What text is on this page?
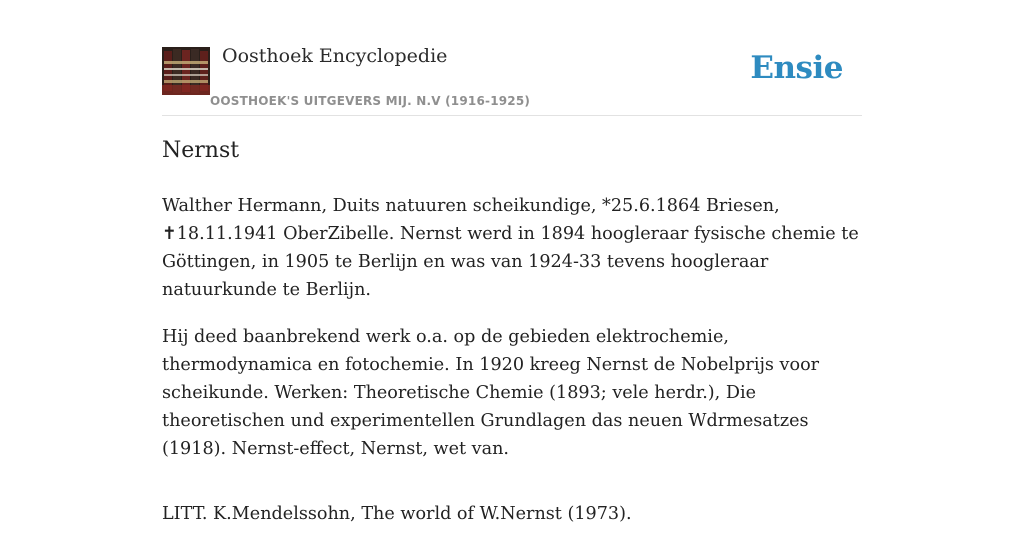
Oosthoek Encyclopedie
OOSTHOEK'S UITGEVERS MIJ. N.V (1916-1925)
Ensie
Nernst

Walther Hermann, Duits natuuren scheikundige, *25.6.1864 Briesen, ✝18.11.1941 OberZibelle. Nernst werd in 1894 hoogleraar fysische chemie te Göttingen, in 1905 te Berlijn en was van 1924-33 tevens hoogleraar natuurkunde te Berlijn.

Hij deed baanbrekend werk o.a. op de gebieden elektrochemie, thermodynamica en fotochemie. In 1920 kreeg Nernst de Nobelprijs voor scheikunde. Werken: Theoretische Chemie (1893; vele herdr.), Die theoretischen und experimentellen Grundlagen das neuen Wdrmesatzes (1918). Nernst-effect, Nernst, wet van.

LITT. K.Mendelssohn, The world of W.Nernst (1973).
